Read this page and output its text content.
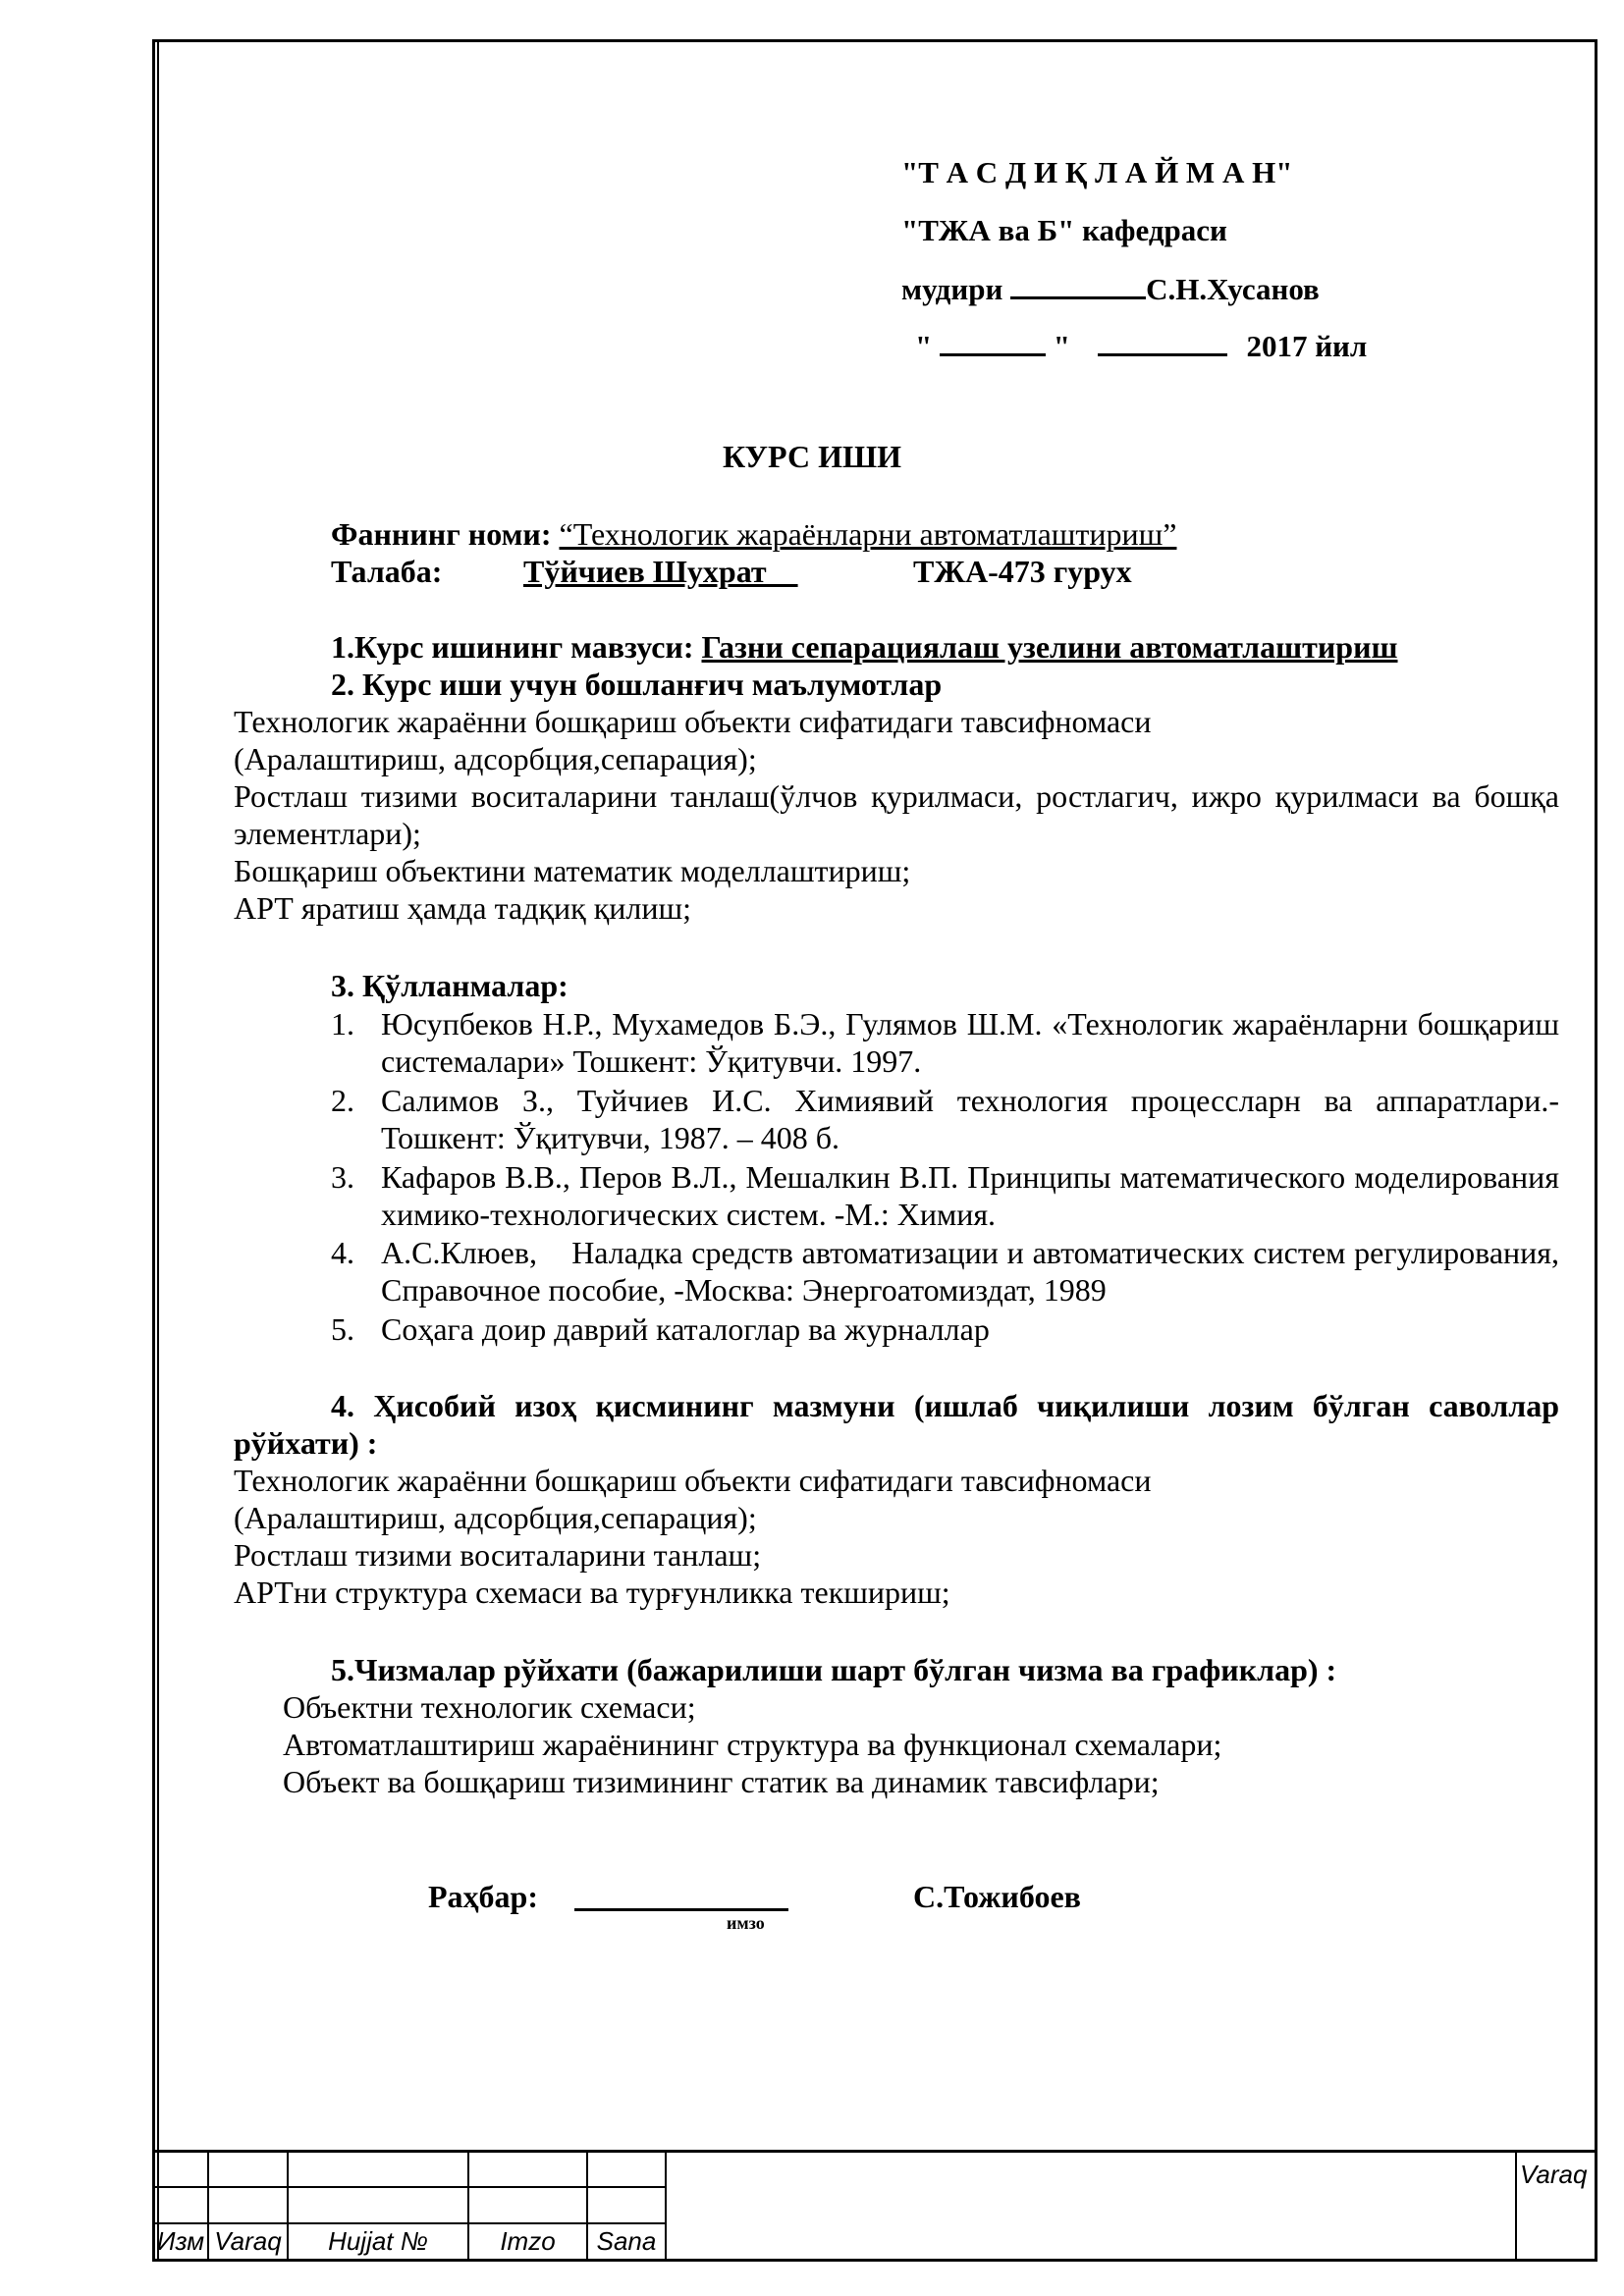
"Т А С Д И Қ Л А Й М А Н"
"ТЖА ва Б" кафедраси
мудири	С.Н.Хусанов
"	"	2017 йил
КУРС ИШИ
Фаннинг номи: “Технологик жараёнларни автоматлаштириш”
Талаба:	Тўйчиев Шухрат	ТЖА-473 гурух
1.Курс ишининг мавзуси: Газни сепарациялаш узелини автоматлаштириш
2. Курс иши учун бошланғич маълумотлар
Технологик жараённи бошқариш объекти сифатидаги тавсифномаси
(Аралаштириш, адсорбция,сепарация);
Ростлаш тизими воситаларини танлаш(ўлчов қурилмаси, ростлагич, ижро қурилмаси ва бошқа элементлари);
Бошқариш объектини математик моделлаштириш;
АРТ яратиш ҳамда тадқиқ қилиш;
3. Қўлланмалар:
1. Юсупбеков Н.Р., Мухамедов Б.Э., Гулямов Ш.М. «Технологик жараёнларни бошқариш системалари» Тошкент: Ўқитувчи. 1997.
2. Салимов З., Туйчиев И.С. Химиявий технология процессларн ва аппаратлари.- Тошкент: Ўқитувчи, 1987. – 408 б.
3. Кафаров В.В., Перов В.Л., Мешалкин В.П. Принципы математического моделирования химико-технологических систем. -М.: Химия.
4. А.С.Клюев,    Наладка средств автоматизации и автоматических систем регулирования, Справочное пособие, -Москва: Энергоатомиздат, 1989
5. Соҳага доир даврий каталоглар ва журналлар
4. Ҳисобий изоҳ қисмининг мазмуни (ишлаб чиқилиши лозим бўлган саволлар рўйхати) :
Технологик жараённи бошқариш объекти сифатидаги тавсифномаси
(Аралаштириш, адсорбция,сепарация);
Ростлаш тизими воситаларини танлаш;
АРТни структура схемаси ва турғунликка текшириш;
5.Чизмалар рўйхати (бажарилиши шарт бўлган чизма ва графиклар) :
Объектни технологик схемаси;
Автоматлаштириш жараёнининг структура ва функционал схемалари;
Объект ва бошқариш тизимининг статик ва динамик тавсифлари;
Раҳбар:
имзо
С.Тожибоев

Изм	Varaq	Hujjat №	Imzo	Sana
Varaq
